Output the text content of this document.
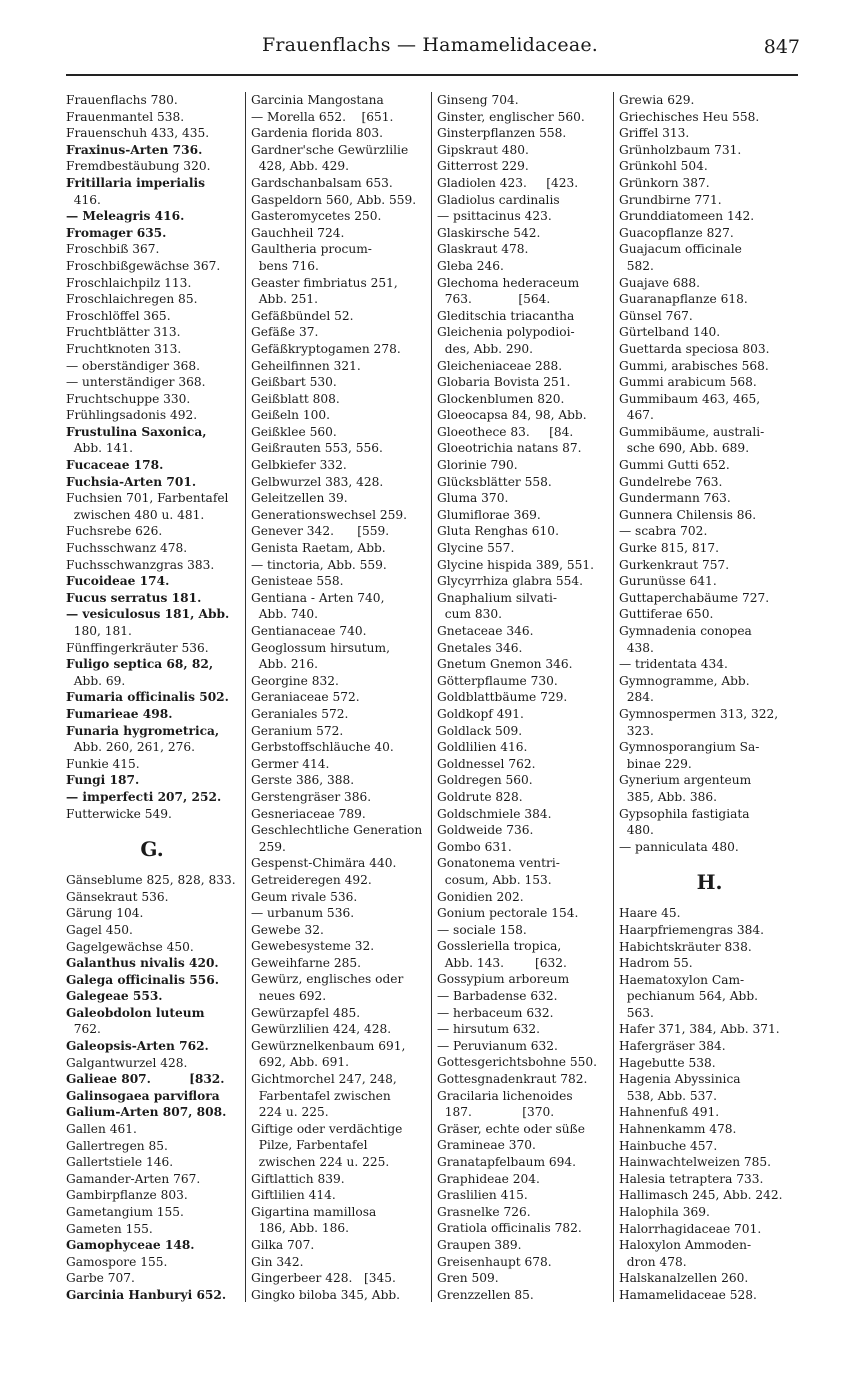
Frauenflachs — Hamamelidaceae.	847
Frauenflachs 780.
Frauenmantel 538.
Frauenschuh 433, 435.
Fraxinus-Arten 736.
Fremdbestäubung 320.
Fritillaria imperialis
416.
— Meleagris 416.
Fromager 635.
Froschbiß 367.
Froschbißgewächse 367.
Froschlaichpilz 113.
Froschlaichregen 85.
Froschlöffel 365.
Fruchtblätter 313.
Fruchtknoten 313.
— oberständiger 368.
— unterständiger 368.
Fruchtschuppe 330.
Frühlingsadonis 492.
Frustulina Saxonica,
Abb. 141.
Fucaceae 178.
Fuchsia-Arten 701.
Fuchsien 701, Farbentafel
zwischen 480 u. 481.
Fuchsrebe 626.
Fuchsschwanz 478.
Fuchsschwanzgras 383.
Fucoideae 174.
Fucus serratus 181.
— vesiculosus 181, Abb.
180, 181.
Fünffingerkräuter 536.
Fuligo septica 68, 82,
Abb. 69.
Fumaria officinalis 502.
Fumarieae 498.
Funaria hygrometrica,
Abb. 260, 261, 276.
Funkie 415.
Fungi 187.
— imperfecti 207, 252.
Futterwicke 549.
G.
Gänseblume 825, 828, 833.
Gänsekraut 536.
Gärung 104.
Gagel 450.
Gagelgewächse 450.
Galanthus nivalis 420.
Galega officinalis 556.
Galegeae 553.
Galeobdolon luteum
762.
Galeopsis-Arten 762.
Galgantwurzel 428.
Galieae 807.         [832.
Galinsogaea parviflora
Galium-Arten 807, 808.
Gallen 461.
Gallertregen 85.
Gallertstiele 146.
Gamander-Arten 767.
Gambirpflanze 803.
Gametangium 155.
Gameten 155.
Gamophyceae 148.
Gamospore 155.
Garbe 707.
Garcinia Hanburyi 652.
Garcinia Mangostana
— Morella 652.    [651.
Gardenia florida 803.
Gardner'sche Gewürzlilie
428, Abb. 429.
Gardschanbalsam 653.
Gaspeldorn 560, Abb. 559.
Gasteromycetes 250.
Gauchheil 724.
Gaultheria procum-
bens 716.
Geaster fimbriatus 251,
Abb. 251.
Gefäßbündel 52.
Gefäße 37.
Gefäßkryptogamen 278.
Geheilfinnen 321.
Geißbart 530.
Geißblatt 808.
Geißeln 100.
Geißklee 560.
Geißrauten 553, 556.
Gelbkiefer 332.
Gelbwurzel 383, 428.
Geleitzellen 39.
Generationswechsel 259.
Genever 342.      [559.
Genista Raetam, Abb.
— tinctoria, Abb. 559.
Genisteae 558.
Gentiana - Arten 740,
Abb. 740.
Gentianaceae 740.
Geoglossum hirsutum,
Abb. 216.
Georgine 832.
Geraniaceae 572.
Geraniales 572.
Geranium 572.
Gerbstoffschläuche 40.
Germer 414.
Gerste 386, 388.
Gerstengräser 386.
Gesneriaceae 789.
Geschlechtliche Generation
259.
Gespenst-Chimära 440.
Getreideregen 492.
Geum rivale 536.
— urbanum 536.
Gewebe 32.
Gewebesysteme 32.
Geweihfarne 285.
Gewürz, englisches oder
neues 692.
Gewürzapfel 485.
Gewürzlilien 424, 428.
Gewürznelkenbaum 691,
692, Abb. 691.
Gichtmorchel 247, 248,
Farbentafel zwischen
224 u. 225.
Giftige oder verdächtige
Pilze, Farbentafel
zwischen 224 u. 225.
Giftlattich 839.
Giftlilien 414.
Gigartina mamillosa
186, Abb. 186.
Gilka 707.
Gin 342.
Gingerbeer 428.   [345.
Gingko biloba 345, Abb.
Ginseng 704.
Ginster, englischer 560.
Ginsterpflanzen 558.
Gipskraut 480.
Gitterrost 229.
Gladiolen 423.     [423.
Gladiolus cardinalis
— psittacinus 423.
Glaskirsche 542.
Glaskraut 478.
Gleba 246.
Glechoma hederaceum
763.            [564.
Gleditschia triacantha
Gleichenia polypodioi-
des, Abb. 290.
Gleicheniaceae 288.
Globaria Bovista 251.
Glockenblumen 820.
Gloeocapsa 84, 98, Abb.
Gloeothece 83.     [84.
Gloeotrichia natans 87.
Glorinie 790.
Glücksblätter 558.
Gluma 370.
Glumiflorae 369.
Gluta Renghas 610.
Glycine 557.
Glycine hispida 389, 551.
Glycyrrhiza glabra 554.
Gnaphalium silvati-
cum 830.
Gnetaceae 346.
Gnetales 346.
Gnetum Gnemon 346.
Götterpflaume 730.
Goldblattbäume 729.
Goldkopf 491.
Goldlack 509.
Goldlilien 416.
Goldnessel 762.
Goldregen 560.
Goldrute 828.
Goldschmiele 384.
Goldweide 736.
Gombo 631.
Gonatonema ventri-
cosum, Abb. 153.
Gonidien 202.
Gonium pectorale 154.
— sociale 158.
Gossleriella tropica,
Abb. 143.        [632.
Gossypium arboreum
— Barbadense 632.
— herbaceum 632.
— hirsutum 632.
— Peruvianum 632.
Gottesgerichtsbohne 550.
Gottesgnadenkraut 782.
Gracilaria lichenoides
187.             [370.
Gräser, echte oder süße
Gramineae 370.
Granatapfelbaum 694.
Graphideae 204.
Graslilien 415.
Grasnelke 726.
Gratiola officinalis 782.
Graupen 389.
Greisenhaupt 678.
Gren 509.
Grenzzellen 85.
Grewia 629.
Griechisches Heu 558.
Griffel 313.
Grünholzbaum 731.
Grünkohl 504.
Grünkorn 387.
Grundbirne 771.
Grunddiatomeen 142.
Guacopflanze 827.
Guajacum officinale
582.
Guajave 688.
Guaranapflanze 618.
Günsel 767.
Gürtelband 140.
Guettarda speciosa 803.
Gummi, arabisches 568.
Gummi arabicum 568.
Gummibaum 463, 465,
467.
Gummibäume, australi-
sche 690, Abb. 689.
Gummi Gutti 652.
Gundelrebe 763.
Gundermann 763.
Gunnera Chilensis 86.
— scabra 702.
Gurke 815, 817.
Gurkenkraut 757.
Gurunüsse 641.
Guttaperchabäume 727.
Guttiferae 650.
Gymnadenia conopea
438.
— tridentata 434.
Gymnogramme, Abb.
284.
Gymnospermen 313, 322,
323.
Gymnosporangium Sa-
binae 229.
Gynerium argenteum
385, Abb. 386.
Gypsophila fastigiata
480.
— panniculata 480.
H.
Haare 45.
Haarpfriemengras 384.
Habichtskräuter 838.
Hadrom 55.
Haematoxylon Cam-
pechianum 564, Abb.
563.
Hafer 371, 384, Abb. 371.
Hafergräser 384.
Hagebutte 538.
Hagenia Abyssinica
538, Abb. 537.
Hahnenfuß 491.
Hahnenkamm 478.
Hainbuche 457.
Hainwachtelweizen 785.
Halesia tetraptera 733.
Hallimasch 245, Abb. 242.
Halophila 369.
Halorrhagidaceae 701.
Haloxylon Ammoden-
dron 478.
Halskanalzellen 260.
Hamamelidaceae 528.
